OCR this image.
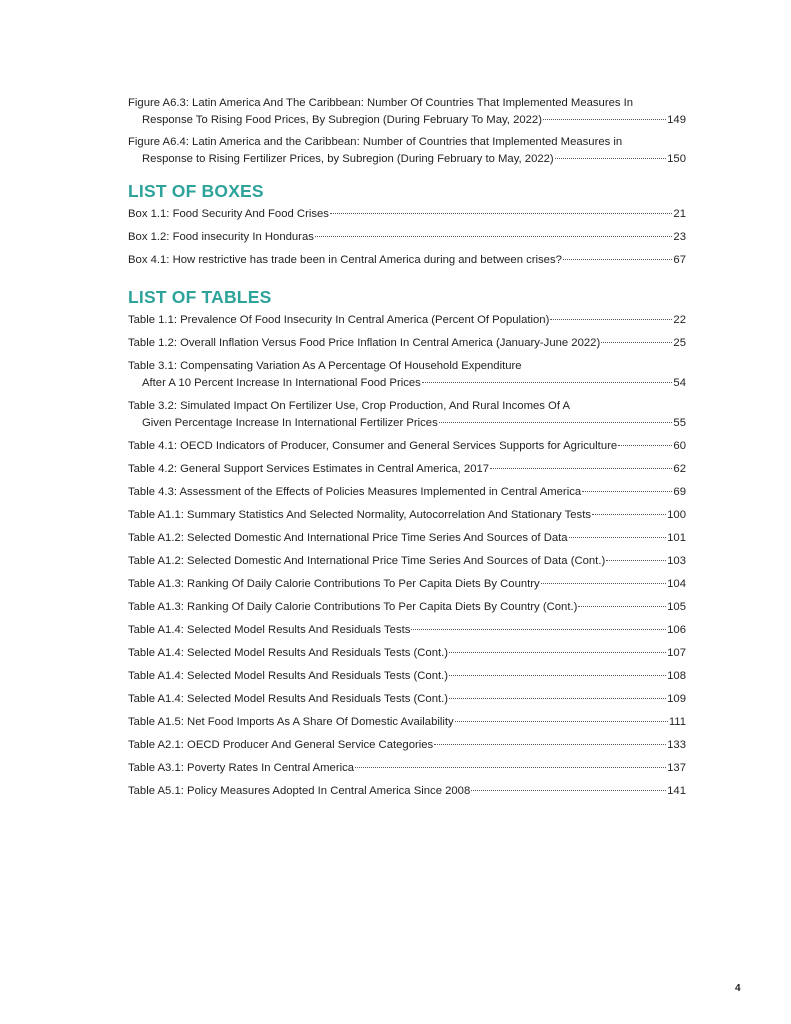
Figure A6.3: Latin America And The Caribbean: Number Of Countries That Implemented Measures In
Response To Rising Food Prices, By Subregion (During February To May, 2022)	149
Figure A6.4: Latin America and the Caribbean: Number of Countries that Implemented Measures in
Response to Rising Fertilizer Prices, by Subregion (During February to May, 2022)	150
LIST OF BOXES
Box 1.1: Food Security And Food Crises	21
Box 1.2: Food insecurity In Honduras	23
Box 4.1: How restrictive has trade been in Central America during and between crises?	67
LIST OF TABLES
Table 1.1: Prevalence Of Food Insecurity In Central America (Percent Of Population)	22
Table 1.2: Overall Inflation Versus Food Price Inflation In Central America (January-June 2022)	25
Table 3.1: Compensating Variation As A Percentage Of Household Expenditure
After A 10 Percent Increase In International Food Prices	54
Table 3.2: Simulated Impact On Fertilizer Use, Crop Production, And Rural Incomes Of A
Given Percentage Increase In International Fertilizer Prices	55
Table 4.1: OECD Indicators of Producer, Consumer and General Services Supports for Agriculture	60
Table 4.2: General Support Services Estimates in Central America, 2017	62
Table 4.3: Assessment of the Effects of Policies Measures Implemented in Central America	69
Table A1.1: Summary Statistics And Selected Normality, Autocorrelation And Stationary Tests	100
Table A1.2: Selected Domestic And International Price Time Series And Sources of Data	101
Table A1.2: Selected Domestic And International Price Time Series And Sources of Data (Cont.)	103
Table A1.3: Ranking Of Daily Calorie Contributions To Per Capita Diets By Country	104
Table A1.3: Ranking Of Daily Calorie Contributions To Per Capita Diets By Country (Cont.)	105
Table A1.4: Selected Model Results And Residuals Tests	106
Table A1.4: Selected Model Results And Residuals Tests (Cont.)	107
Table A1.4: Selected Model Results And Residuals Tests (Cont.)	108
Table A1.4: Selected Model Results And Residuals Tests (Cont.)	109
Table A1.5: Net Food Imports As A Share Of Domestic Availability	111
Table A2.1: OECD Producer And General Service Categories	133
Table A3.1: Poverty Rates In Central America	137
Table A5.1: Policy Measures Adopted In Central America Since 2008	141
4
